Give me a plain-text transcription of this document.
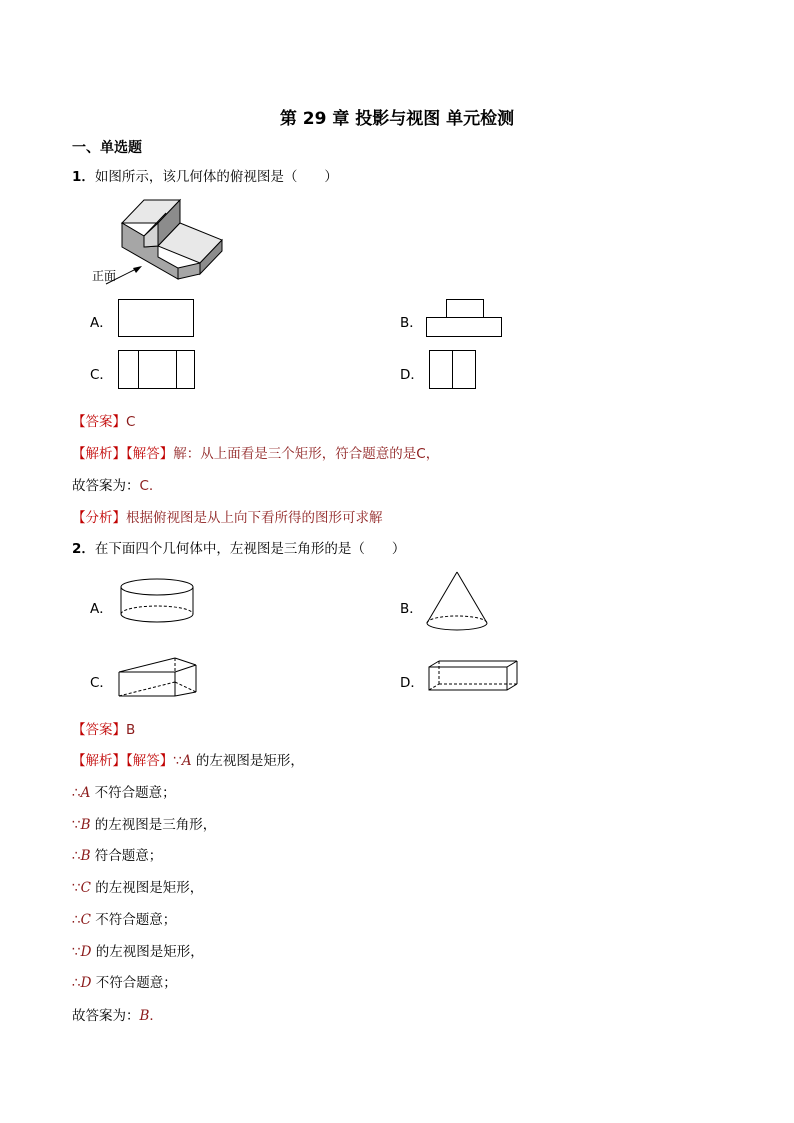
第 29 章 投影与视图 单元检测
一、单选题
1．如图所示，该几何体的俯视图是（　　）
正面
A．	B．
C．	D．
【答案】C
【解析】【解答】解：从上面看是三个矩形，符合题意的是C，
故答案为：C.
【分析】根据俯视图是从上向下看所得的图形可求解
2．在下面四个几何体中，左视图是三角形的是（　　）
A．	B．
C．	D．
【答案】B
【解析】【解答】∵A 的左视图是矩形，
∴A 不符合题意；
∵B 的左视图是三角形，
∴B 符合题意；
∵C 的左视图是矩形，
∴C 不符合题意；
∵D 的左视图是矩形，
∴D 不符合题意；
故答案为：B．
